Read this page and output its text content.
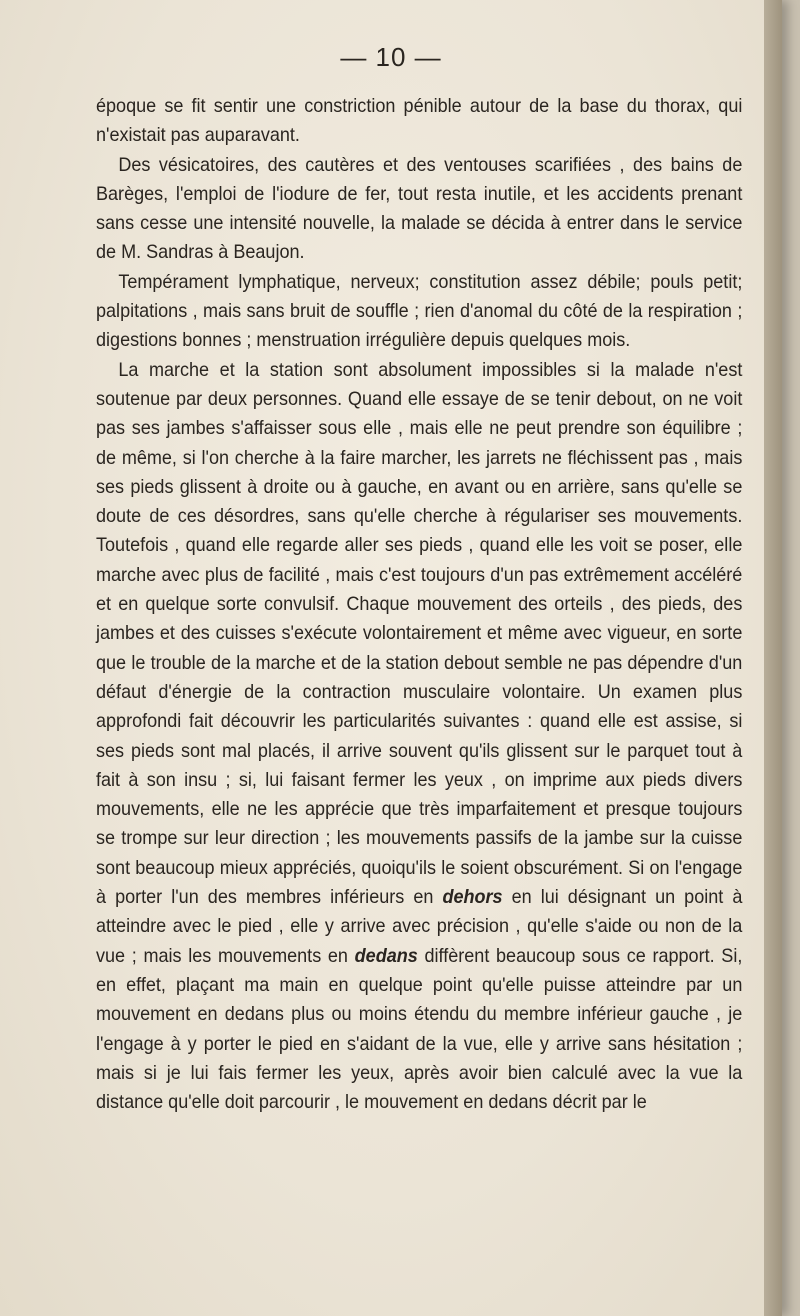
— 10 —

époque se fit sentir une constriction pénible autour de la base du thorax, qui n'existait pas auparavant.

Des vésicatoires, des cautères et des ventouses scarifiées , des bains de Barèges, l'emploi de l'iodure de fer, tout resta inutile, et les accidents prenant sans cesse une intensité nouvelle, la malade se décida à entrer dans le service de M. Sandras à Beaujon.

Tempérament lymphatique, nerveux; constitution assez débile; pouls petit; palpitations , mais sans bruit de souffle ; rien d'anomal du côté de la respiration ; digestions bonnes ; menstruation irrégulière depuis quelques mois.

La marche et la station sont absolument impossibles si la malade n'est soutenue par deux personnes. Quand elle essaye de se tenir debout, on ne voit pas ses jambes s'affaisser sous elle , mais elle ne peut prendre son équilibre ; de même, si l'on cherche à la faire marcher, les jarrets ne fléchissent pas , mais ses pieds glissent à droite ou à gauche, en avant ou en arrière, sans qu'elle se doute de ces désordres, sans qu'elle cherche à régulariser ses mouvements. Toutefois , quand elle regarde aller ses pieds , quand elle les voit se poser, elle marche avec plus de facilité , mais c'est toujours d'un pas extrêmement accéléré et en quelque sorte convulsif. Chaque mouvement des orteils , des pieds, des jambes et des cuisses s'exécute volontairement et même avec vigueur, en sorte que le trouble de la marche et de la station debout semble ne pas dépendre d'un défaut d'énergie de la contraction musculaire volontaire. Un examen plus approfondi fait découvrir les particularités suivantes : quand elle est assise, si ses pieds sont mal placés, il arrive souvent qu'ils glissent sur le parquet tout à fait à son insu ; si, lui faisant fermer les yeux , on imprime aux pieds divers mouvements, elle ne les apprécie que très imparfaitement et presque toujours se trompe sur leur direction ; les mouvements passifs de la jambe sur la cuisse sont beaucoup mieux appréciés, quoiqu'ils le soient obscurément. Si on l'engage à porter l'un des membres inférieurs en dehors en lui désignant un point à atteindre avec le pied , elle y arrive avec précision , qu'elle s'aide ou non de la vue ; mais les mouvements en dedans diffèrent beaucoup sous ce rapport. Si, en effet, plaçant ma main en quelque point qu'elle puisse atteindre par un mouvement en dedans plus ou moins étendu du membre inférieur gauche , je l'engage à y porter le pied en s'aidant de la vue, elle y arrive sans hésitation ; mais si je lui fais fermer les yeux, après avoir bien calculé avec la vue la distance qu'elle doit parcourir , le mouvement en dedans décrit par le
